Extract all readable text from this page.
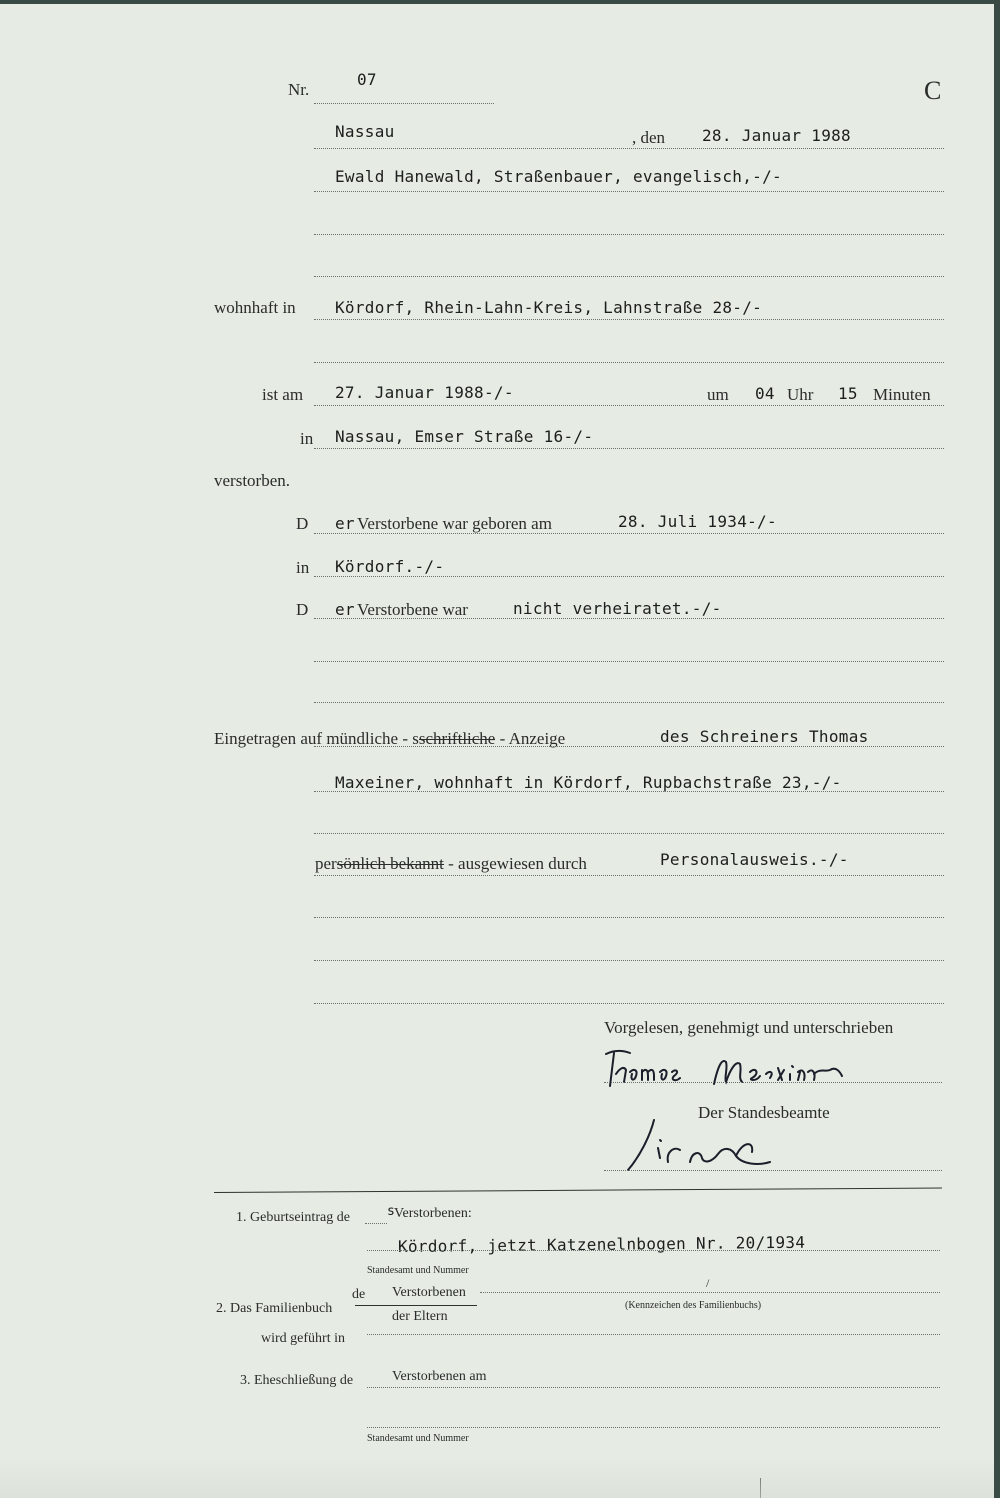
Nr.
07	C
Nassau	, den 28. Januar 1988
Ewald Hanewald, Straßenbauer, evangelisch,-/-
wohnhaft in Kördorf, Rhein-Lahn-Kreis, Lahnstraße 28-/-
ist am 27. Januar 1988-/-	um 04 Uhr 15 Minuten
in Nassau, Emser Straße 16-/-
verstorben.
D er Verstorbene war geboren am	28. Juli 1934-/-
in Kördorf.-/-
D er Verstorbene war	nicht verheiratet.-/-
Eingetragen auf mündliche - sschriftliche - Anzeige	des Schreiners Thomas
Maxeiner, wohnhaft in Kördorf, Rupbachstraße 23,-/-
persönlich bekannt - ausgewiesen durch	Personalausweis.-/-
Vorgelesen, genehmigt und unterschrieben
Der Standesbeamte
1. Geburtseintrag de	s
Verstorbenen:
Kördorf, jetzt Katzenelnbogen Nr. 20/1934
Standesamt und Nummer
de Verstorbenen
/
2. Das Familienbuch
der Eltern
(Kennzeichen des Familienbuchs)
wird geführt in
3. Eheschließung de	Verstorbenen am
Standesamt und Nummer
